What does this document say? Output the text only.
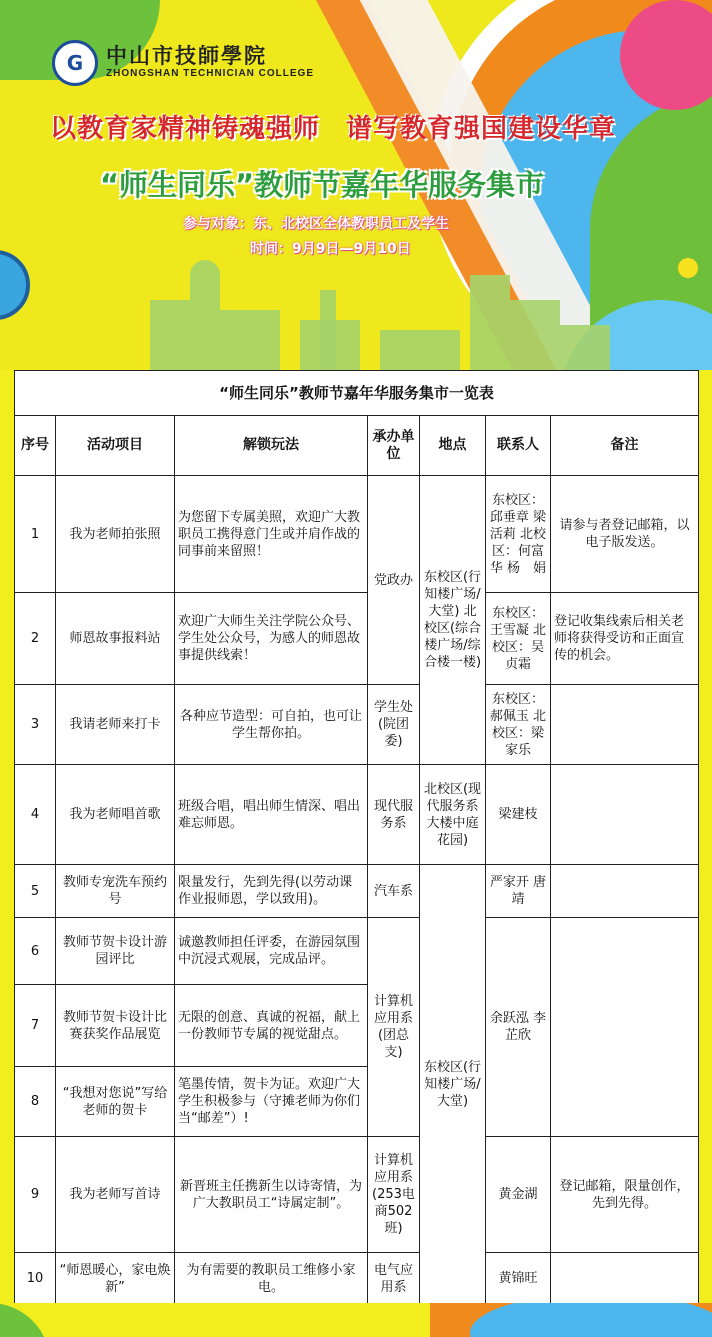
G	中山市技師學院
ZHONGSHAN TECHNICIAN COLLEGE
以教育家精神铸魂强师 谱写教育强国建设华章
“师生同乐”教师节嘉年华服务集市
参与对象：东、北校区全体教职员工及学生
时间：9月9日—9月10日
“师生同乐”教师节嘉年华服务集市一览表						
序号	活动项目	解锁玩法	承办单位	地点	联系人	备注
1	我为老师拍张照	为您留下专属美照，欢迎广大教职员工携得意门生或并肩作战的同事前来留照！	党政办	东校区(行知楼广场/大堂) 北校区(综合楼广场/综合楼一楼)	东校区：邱垂章 梁活莉 北校区：何富华 杨　娟	请参与者登记邮箱，以电子版发送。
2	师恩故事报料站	欢迎广大师生关注学院公众号、学生处公众号，为感人的师恩故事提供线索！			东校区：王雪凝 北校区：吴贞霜	登记收集线索后相关老师将获得受访和正面宣传的机会。
3	我请老师来打卡	各种应节造型：可自拍，也可让学生帮你拍。	学生处(院团委)		东校区：郝佩玉 北校区：梁家乐	
4	我为老师唱首歌	班级合唱，唱出师生情深、唱出难忘师恩。	现代服务系	北校区(现代服务系大楼中庭花园)	梁建枝	
5	教师专宠洗车预约号	限量发行，先到先得(以劳动课作业报师恩，学以致用)。	汽车系	东校区(行知楼广场/大堂)	严家开 唐　靖	
6	教师节贺卡设计游园评比	诚邀教师担任评委，在游园氛围中沉浸式观展，完成品评。	计算机应用系(团总支)		余跃泓 李芷欣	
7	教师节贺卡设计比赛获奖作品展览	无限的创意、真诚的祝福，献上一份教师节专属的视觉甜点。				
8	“我想对您说”写给老师的贺卡	笔墨传情，贺卡为证。欢迎广大学生积极参与（守摊老师为你们当“邮差”）!				
9	我为老师写首诗	新晋班主任携新生以诗寄情，为广大教职员工“诗属定制”。	计算机应用系(253电商502班)		黄金湖	登记邮箱，限量创作，先到先得。
10	“师恩暖心，家电焕新”	为有需要的教职员工维修小家电。	电气应用系		黄锦旺	
